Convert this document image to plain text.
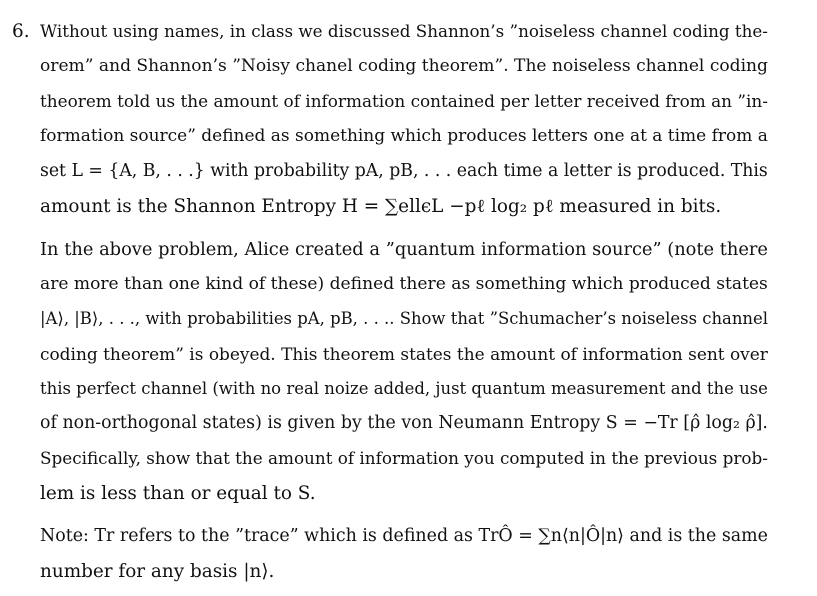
6. Without using names, in class we discussed Shannon’s ”noiseless channel coding the-
orem” and Shannon’s ”Noisy chanel coding theorem”. The noiseless channel coding
theorem told us the amount of information contained per letter received from an ”in-
formation source” defined as something which produces letters one at a time from a
set L = {A, B, . . .} with probability pA, pB, . . . each time a letter is produced. This
amount is the Shannon Entropy H = ∑ellϵL −pℓ log₂ pℓ measured in bits.
In the above problem, Alice created a ”quantum information source” (note there
are more than one kind of these) defined there as something which produced states
|A⟩, |B⟩, . . ., with probabilities pA, pB, . . .. Show that ”Schumacher’s noiseless channel
coding theorem” is obeyed. This theorem states the amount of information sent over
this perfect channel (with no real noize added, just quantum measurement and the use
of non-orthogonal states) is given by the von Neumann Entropy S = −Tr [ρ̂ log₂ ρ̂].
Specifically, show that the amount of information you computed in the previous prob-
lem is less than or equal to S.
Note: Tr refers to the ”trace” which is defined as TrÔ = ∑n⟨n|Ô|n⟩ and is the same
number for any basis |n⟩.
